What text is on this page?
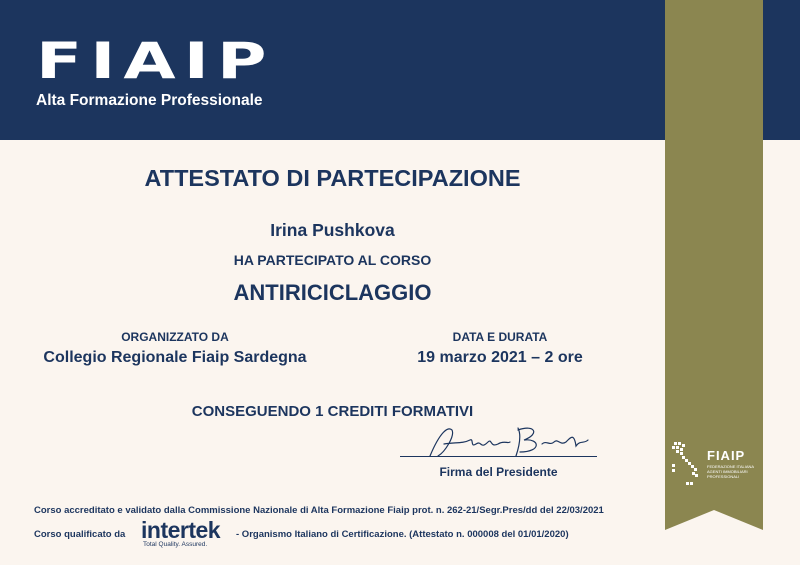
FIAIP
Alta Formazione Professionale
FIAIP
FEDERAZIONE ITALIANA AGENTI IMMOBILIARI PROFESSIONALI
ATTESTATO DI PARTECIPAZIONE
Irina Pushkova
HA PARTECIPATO AL CORSO
ANTIRICICLAGGIO
ORGANIZZATO DA
Collegio Regionale Fiaip Sardegna
DATA E DURATA
19 marzo 2021 – 2 ore
CONSEGUENDO 1 CREDITI FORMATIVI
Firma del Presidente
Corso accreditato e validato dalla Commissione Nazionale di Alta Formazione Fiaip prot. n. 262-21/Segr.Pres/dd del 22/03/2021
Corso qualificato da intertek
Total Quality. Assured.
- Organismo Italiano di Certificazione. (Attestato n. 000008 del 01/01/2020)
